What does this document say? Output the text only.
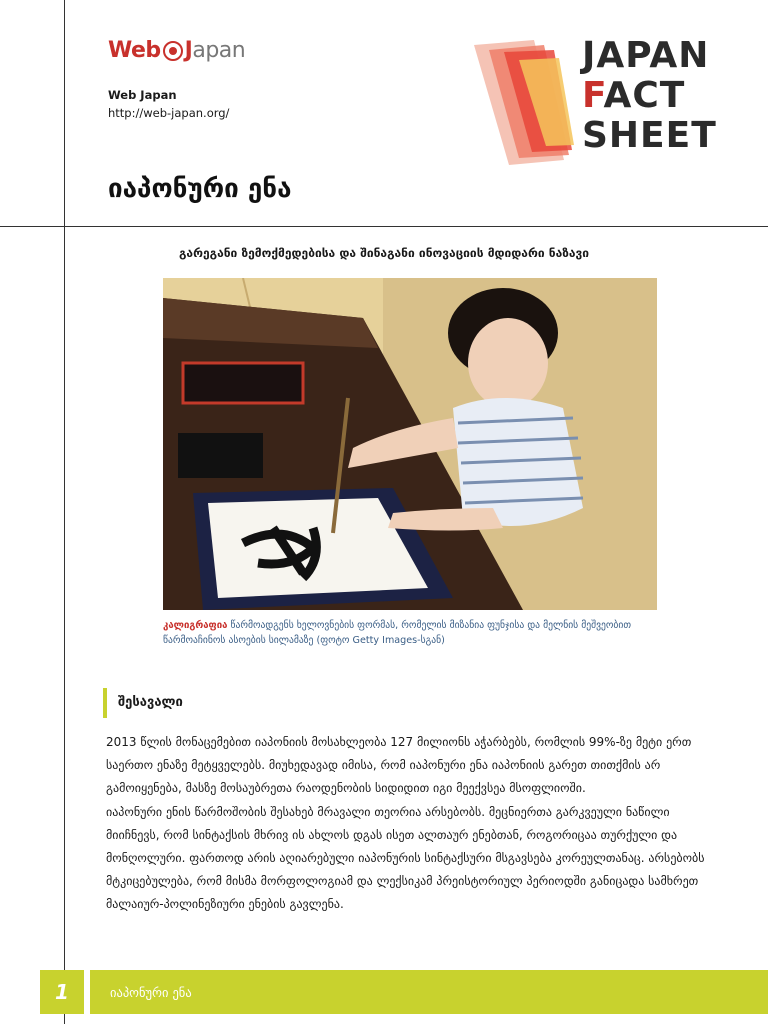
Web J apan
Web Japan
http://web-japan.org/
იაპონური ენა
JAPAN
FACT
SHEET
გარეგანი ზემოქმედებისა და შინაგანი ინოვაციის მდიდარი ნაზავი
კალიგრაფია წარმოადგენს ხელოვნების ფორმას, რომელის მიზანია ფუნჯისა და მელნის მეშვეობით წარმოაჩინოს ასოების სილამაზე (ფოტო Getty Images-სგან)
შესავალი
2013 წლის მონაცემებით იაპონიის მოსახლეობა 127 მილიონს აჭარბებს, რომლის 99%-ზე მეტი ერთ საერთო ენაზე მეტყველებს. მიუხედავად იმისა, რომ იაპონური ენა იაპონიის გარეთ თითქმის არ გამოიყენება, მასზე მოსაუბრეთა რაოდენობის სიდიდით იგი მეექვსეა მსოფლიოში.
იაპონური ენის წარმოშობის შესახებ მრავალი თეორია არსებობს. მეცნიერთა გარკვეული ნაწილი მიიჩნევს, რომ სინტაქსის მხრივ ის ახლოს დგას ისეთ ალთაურ ენებთან, როგორიცაა თურქული და მონღოლური. ფართოდ არის აღიარებული იაპონურის სინტაქსური მსგავსება კორეულთანაც. არსებობს მტკიცებულება, რომ მისმა მორფოლოგიამ და ლექსიკამ პრეისტორიულ პერიოდში განიცადა სამხრეთ მალაიურ-პოლინეზიური ენების გავლენა.
1	იაპონური ენა
